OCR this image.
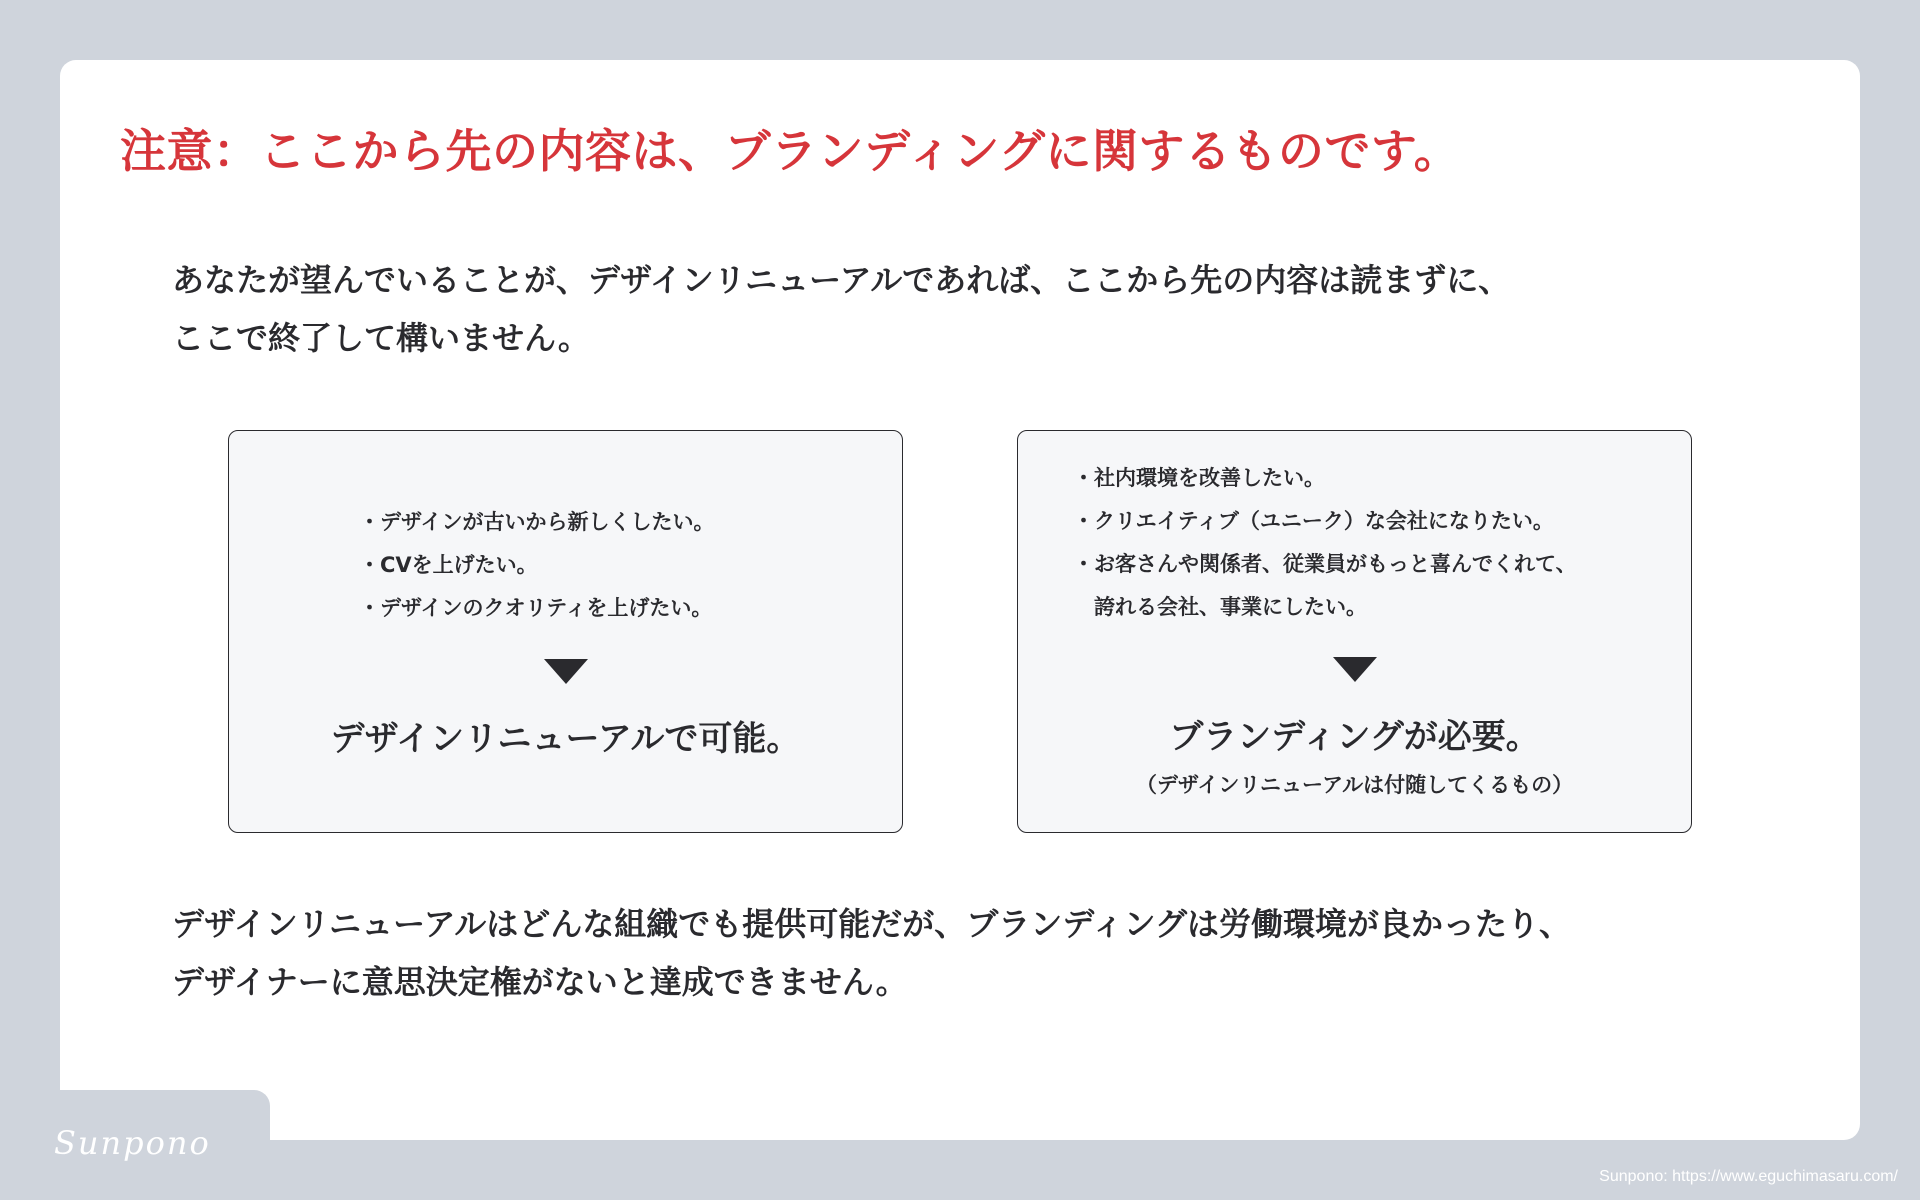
注意：ここから先の内容は、ブランディングに関するものです。

あなたが望んでいることが、デザインリニューアルであれば、ここから先の内容は読まずに、
ここで終了して構いません。

・ デザインが古いから新しくしたい。
・ CVを上げたい。
・ デザインのクオリティを上げたい。

デザインリニューアルで可能。

・ 社内環境を改善したい。
・ クリエイティブ（ユニーク）な会社になりたい。
・ お客さんや関係者、従業員がもっと喜んでくれて、
誇れる会社、事業にしたい。

ブランディングが必要。

（デザインリニューアルは付随してくるもの）

デザインリニューアルはどんな組織でも提供可能だが、ブランディングは労働環境が良かったり、
デザイナーに意思決定権がないと達成できません。

Sunpono
Sunpono: https://www.eguchimasaru.com/
